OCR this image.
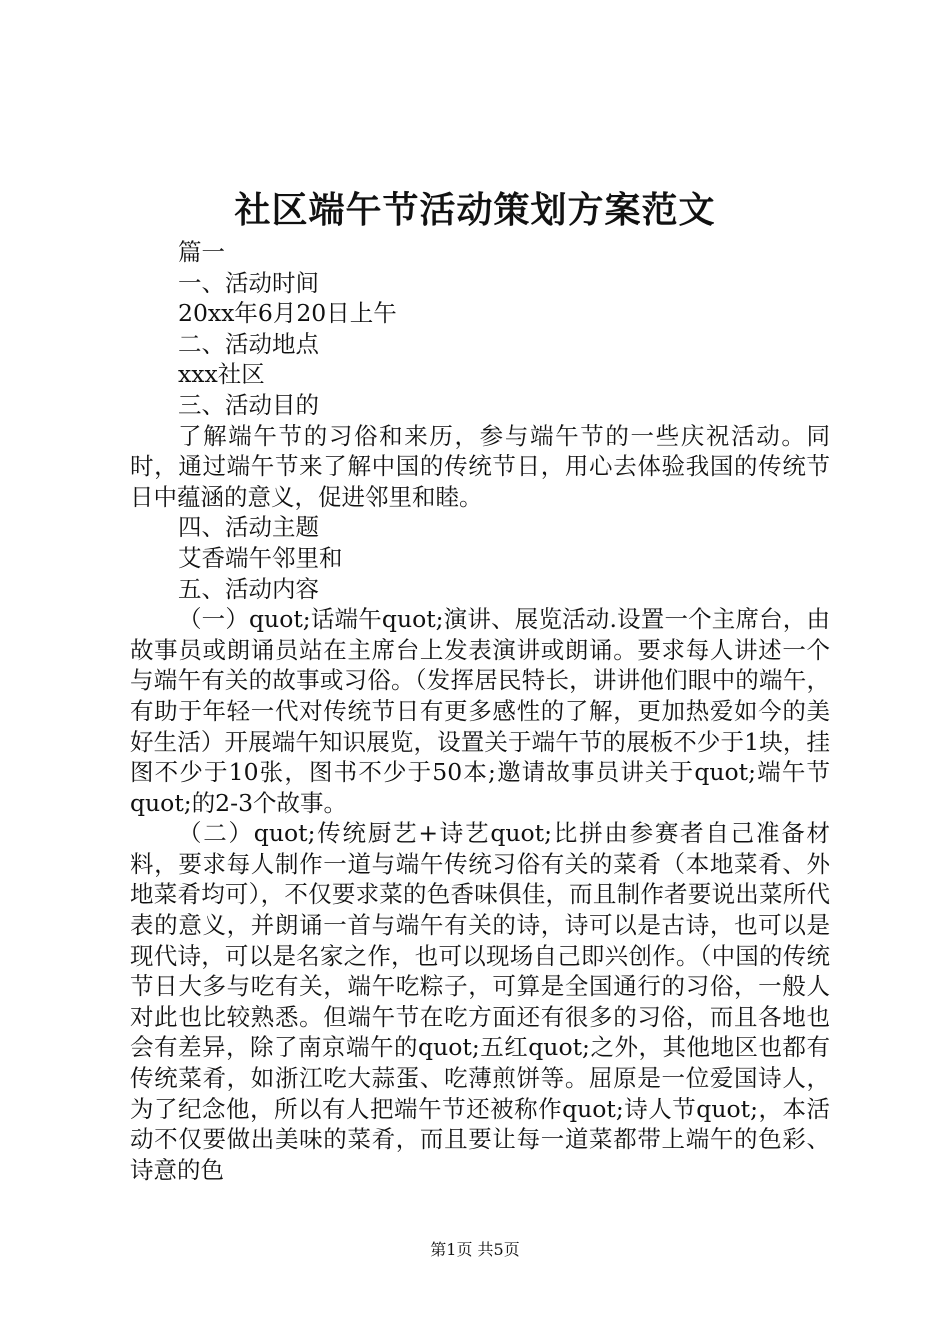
社区端午节活动策划方案范文

篇一

一、活动时间

20xx年6月20日上午

二、活动地点

xxx社区

三、活动目的

了解端午节的习俗和来历，参与端午节的一些庆祝活动。同时，通过端午节来了解中国的传统节日，用心去体验我国的传统节日中蕴涵的意义，促进邻里和睦。

四、活动主题

艾香端午邻里和

五、活动内容

（一）quot;话端午quot;演讲、展览活动.设置一个主席台，由故事员或朗诵员站在主席台上发表演讲或朗诵。要求每人讲述一个与端午有关的故事或习俗。（发挥居民特长，讲讲他们眼中的端午，有助于年轻一代对传统节日有更多感性的了解，更加热爱如今的美好生活）开展端午知识展览，设置关于端午节的展板不少于1块，挂图不少于10张，图书不少于50本;邀请故事员讲关于quot;端午节quot;的2-3个故事。

（二）quot;传统厨艺+诗艺quot;比拼由参赛者自己准备材料，要求每人制作一道与端午传统习俗有关的菜肴（本地菜肴、外地菜肴均可），不仅要求菜的色香味俱佳，而且制作者要说出菜所代表的意义，并朗诵一首与端午有关的诗，诗可以是古诗，也可以是现代诗，可以是名家之作，也可以现场自己即兴创作。（中国的传统节日大多与吃有关，端午吃粽子，可算是全国通行的习俗，一般人对此也比较熟悉。但端午节在吃方面还有很多的习俗，而且各地也会有差异，除了南京端午的quot;五红quot;之外，其他地区也都有传统菜肴，如浙江吃大蒜蛋、吃薄煎饼等。屈原是一位爱国诗人，为了纪念他，所以有人把端午节还被称作quot;诗人节quot;，本活动不仅要做出美味的菜肴，而且要让每一道菜都带上端午的色彩、诗意的色

第1页 共5页
